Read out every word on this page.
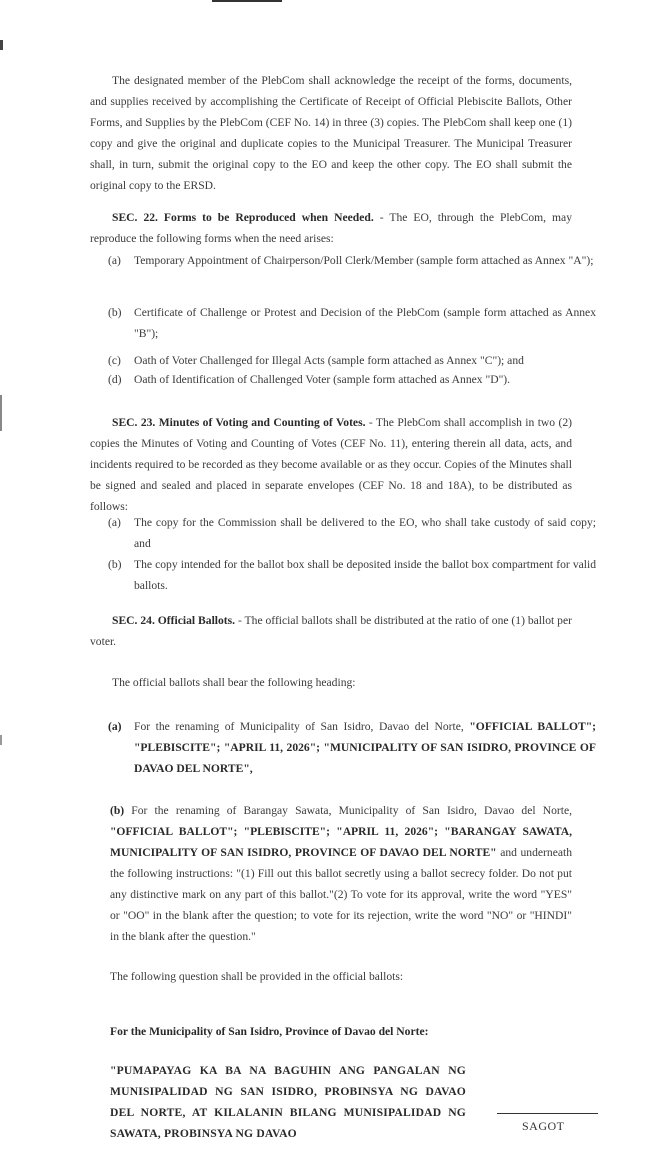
The designated member of the PlebCom shall acknowledge the receipt of the forms, documents, and supplies received by accomplishing the Certificate of Receipt of Official Plebiscite Ballots, Other Forms, and Supplies by the PlebCom (CEF No. 14) in three (3) copies. The PlebCom shall keep one (1) copy and give the original and duplicate copies to the Municipal Treasurer. The Municipal Treasurer shall, in turn, submit the original copy to the EO and keep the other copy. The EO shall submit the original copy to the ERSD.

SEC. 22. Forms to be Reproduced when Needed. - The EO, through the PlebCom, may reproduce the following forms when the need arises:

(a) Temporary Appointment of Chairperson/Poll Clerk/Member (sample form attached as Annex "A");

(b) Certificate of Challenge or Protest and Decision of the PlebCom (sample form attached as Annex "B");

(c) Oath of Voter Challenged for Illegal Acts (sample form attached as Annex "C"); and

(d) Oath of Identification of Challenged Voter (sample form attached as Annex "D").

SEC. 23. Minutes of Voting and Counting of Votes. - The PlebCom shall accomplish in two (2) copies the Minutes of Voting and Counting of Votes (CEF No. 11), entering therein all data, acts, and incidents required to be recorded as they become available or as they occur. Copies of the Minutes shall be signed and sealed and placed in separate envelopes (CEF No. 18 and 18A), to be distributed as follows:

(a) The copy for the Commission shall be delivered to the EO, who shall take custody of said copy; and

(b) The copy intended for the ballot box shall be deposited inside the ballot box compartment for valid ballots.

SEC. 24. Official Ballots. - The official ballots shall be distributed at the ratio of one (1) ballot per voter.

The official ballots shall bear the following heading:

(a) For the renaming of Municipality of San Isidro, Davao del Norte, "OFFICIAL BALLOT"; "PLEBISCITE"; "APRIL 11, 2026"; "MUNICIPALITY OF SAN ISIDRO, PROVINCE OF DAVAO DEL NORTE",

(b) For the renaming of Barangay Sawata, Municipality of San Isidro, Davao del Norte, "OFFICIAL BALLOT"; "PLEBISCITE"; "APRIL 11, 2026"; "BARANGAY SAWATA, MUNICIPALITY OF SAN ISIDRO, PROVINCE OF DAVAO DEL NORTE" and underneath the following instructions: "(1) Fill out this ballot secretly using a ballot secrecy folder. Do not put any distinctive mark on any part of this ballot."(2) To vote for its approval, write the word "YES" or "OO" in the blank after the question; to vote for its rejection, write the word "NO" or "HINDI" in the blank after the question."

The following question shall be provided in the official ballots:

For the Municipality of San Isidro, Province of Davao del Norte:

"PUMAPAYAG KA BA NA BAGUHIN ANG PANGALAN NG MUNISIPALIDAD NG SAN ISIDRO, PROBINSYA NG DAVAO DEL NORTE, AT KILALANIN BILANG MUNISIPALIDAD NG SAWATA, PROBINSYA NG DAVAO

SAGOT
